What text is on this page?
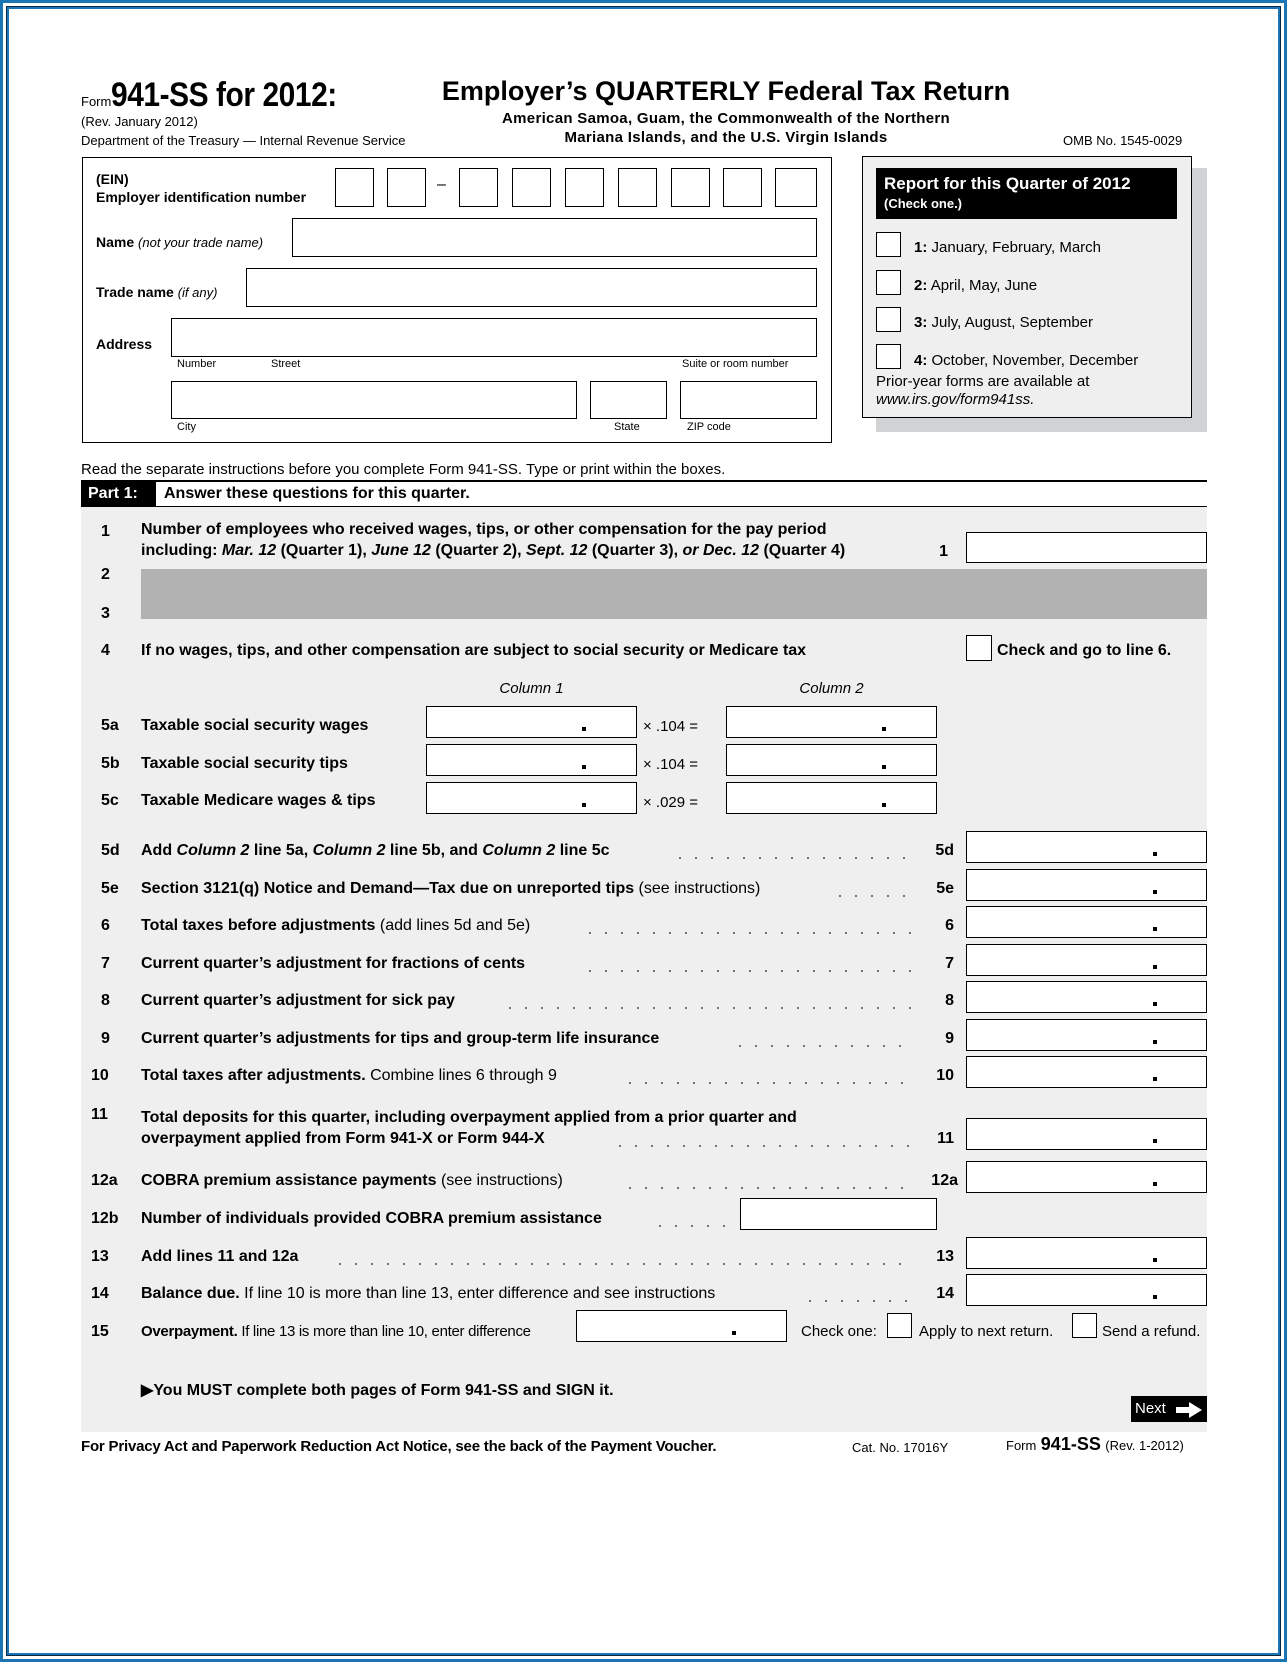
Form941-SS for 2012:
(Rev. January 2012)
Department of the Treasury — Internal Revenue Service
Employer’s QUARTERLY Federal Tax Return
American Samoa, Guam, the Commonwealth of the Northern
Mariana Islands, and the U.S. Virgin Islands	OMB No. 1545-0029
(EIN)
Employer identification number
–
Name (not your trade name)
Trade name (if any)
Address
Number	Street	Suite or room number
City	State	ZIP code
Report for this Quarter of 2012
(Check one.)
1: January, February, March
2: April, May, June
3: July, August, September
4: October, November, December
Prior-year forms are available at
www.irs.gov/form941ss.
Read the separate instructions before you complete Form 941-SS. Type or print within the boxes.
Part 1:	Answer these questions for this quarter.
1 Number of employees who received wages, tips, or other compensation for the pay period
including: Mar. 12 (Quarter 1), June 12 (Quarter 2), Sept. 12 (Quarter 3), or Dec. 12 (Quarter 4)	1
2
3
4 If no wages, tips, and other compensation are subject to social security or Medicare tax	Check and go to line 6.
Column 1	Column 2
5a Taxable social security wages	× .104 =
5b Taxable social security tips	× .104 =
5c Taxable Medicare wages & tips	× .029 =
5d Add Column 2 line 5a, Column 2 line 5b, and Column 2 line 5c	5d
5e Section 3121(q) Notice and Demand—Tax due on unreported tips (see instructions)	5e
6 Total taxes before adjustments (add lines 5d and 5e)	6
7 Current quarter’s adjustment for fractions of cents	7
8 Current quarter’s adjustment for sick pay	8
9 Current quarter’s adjustments for tips and group-term life insurance	9
10 Total taxes after adjustments. Combine lines 6 through 9	10
11 Total deposits for this quarter, including overpayment applied from a prior quarter and
overpayment applied from Form 941-X or Form 944-X	11
12a COBRA premium assistance payments (see instructions)	12a
12b Number of individuals provided COBRA premium assistance
13 Add lines 11 and 12a	13
14 Balance due. If line 10 is more than line 13, enter difference and see instructions	14
15 Overpayment. If line 13 is more than line 10, enter difference	Check one:	Apply to next return.	Send a refund.
▶You MUST complete both pages of Form 941-SS and SIGN it.
Next
For Privacy Act and Paperwork Reduction Act Notice, see the back of the Payment Voucher.	Cat. No. 17016Y	Form 941-SS (Rev. 1-2012)
